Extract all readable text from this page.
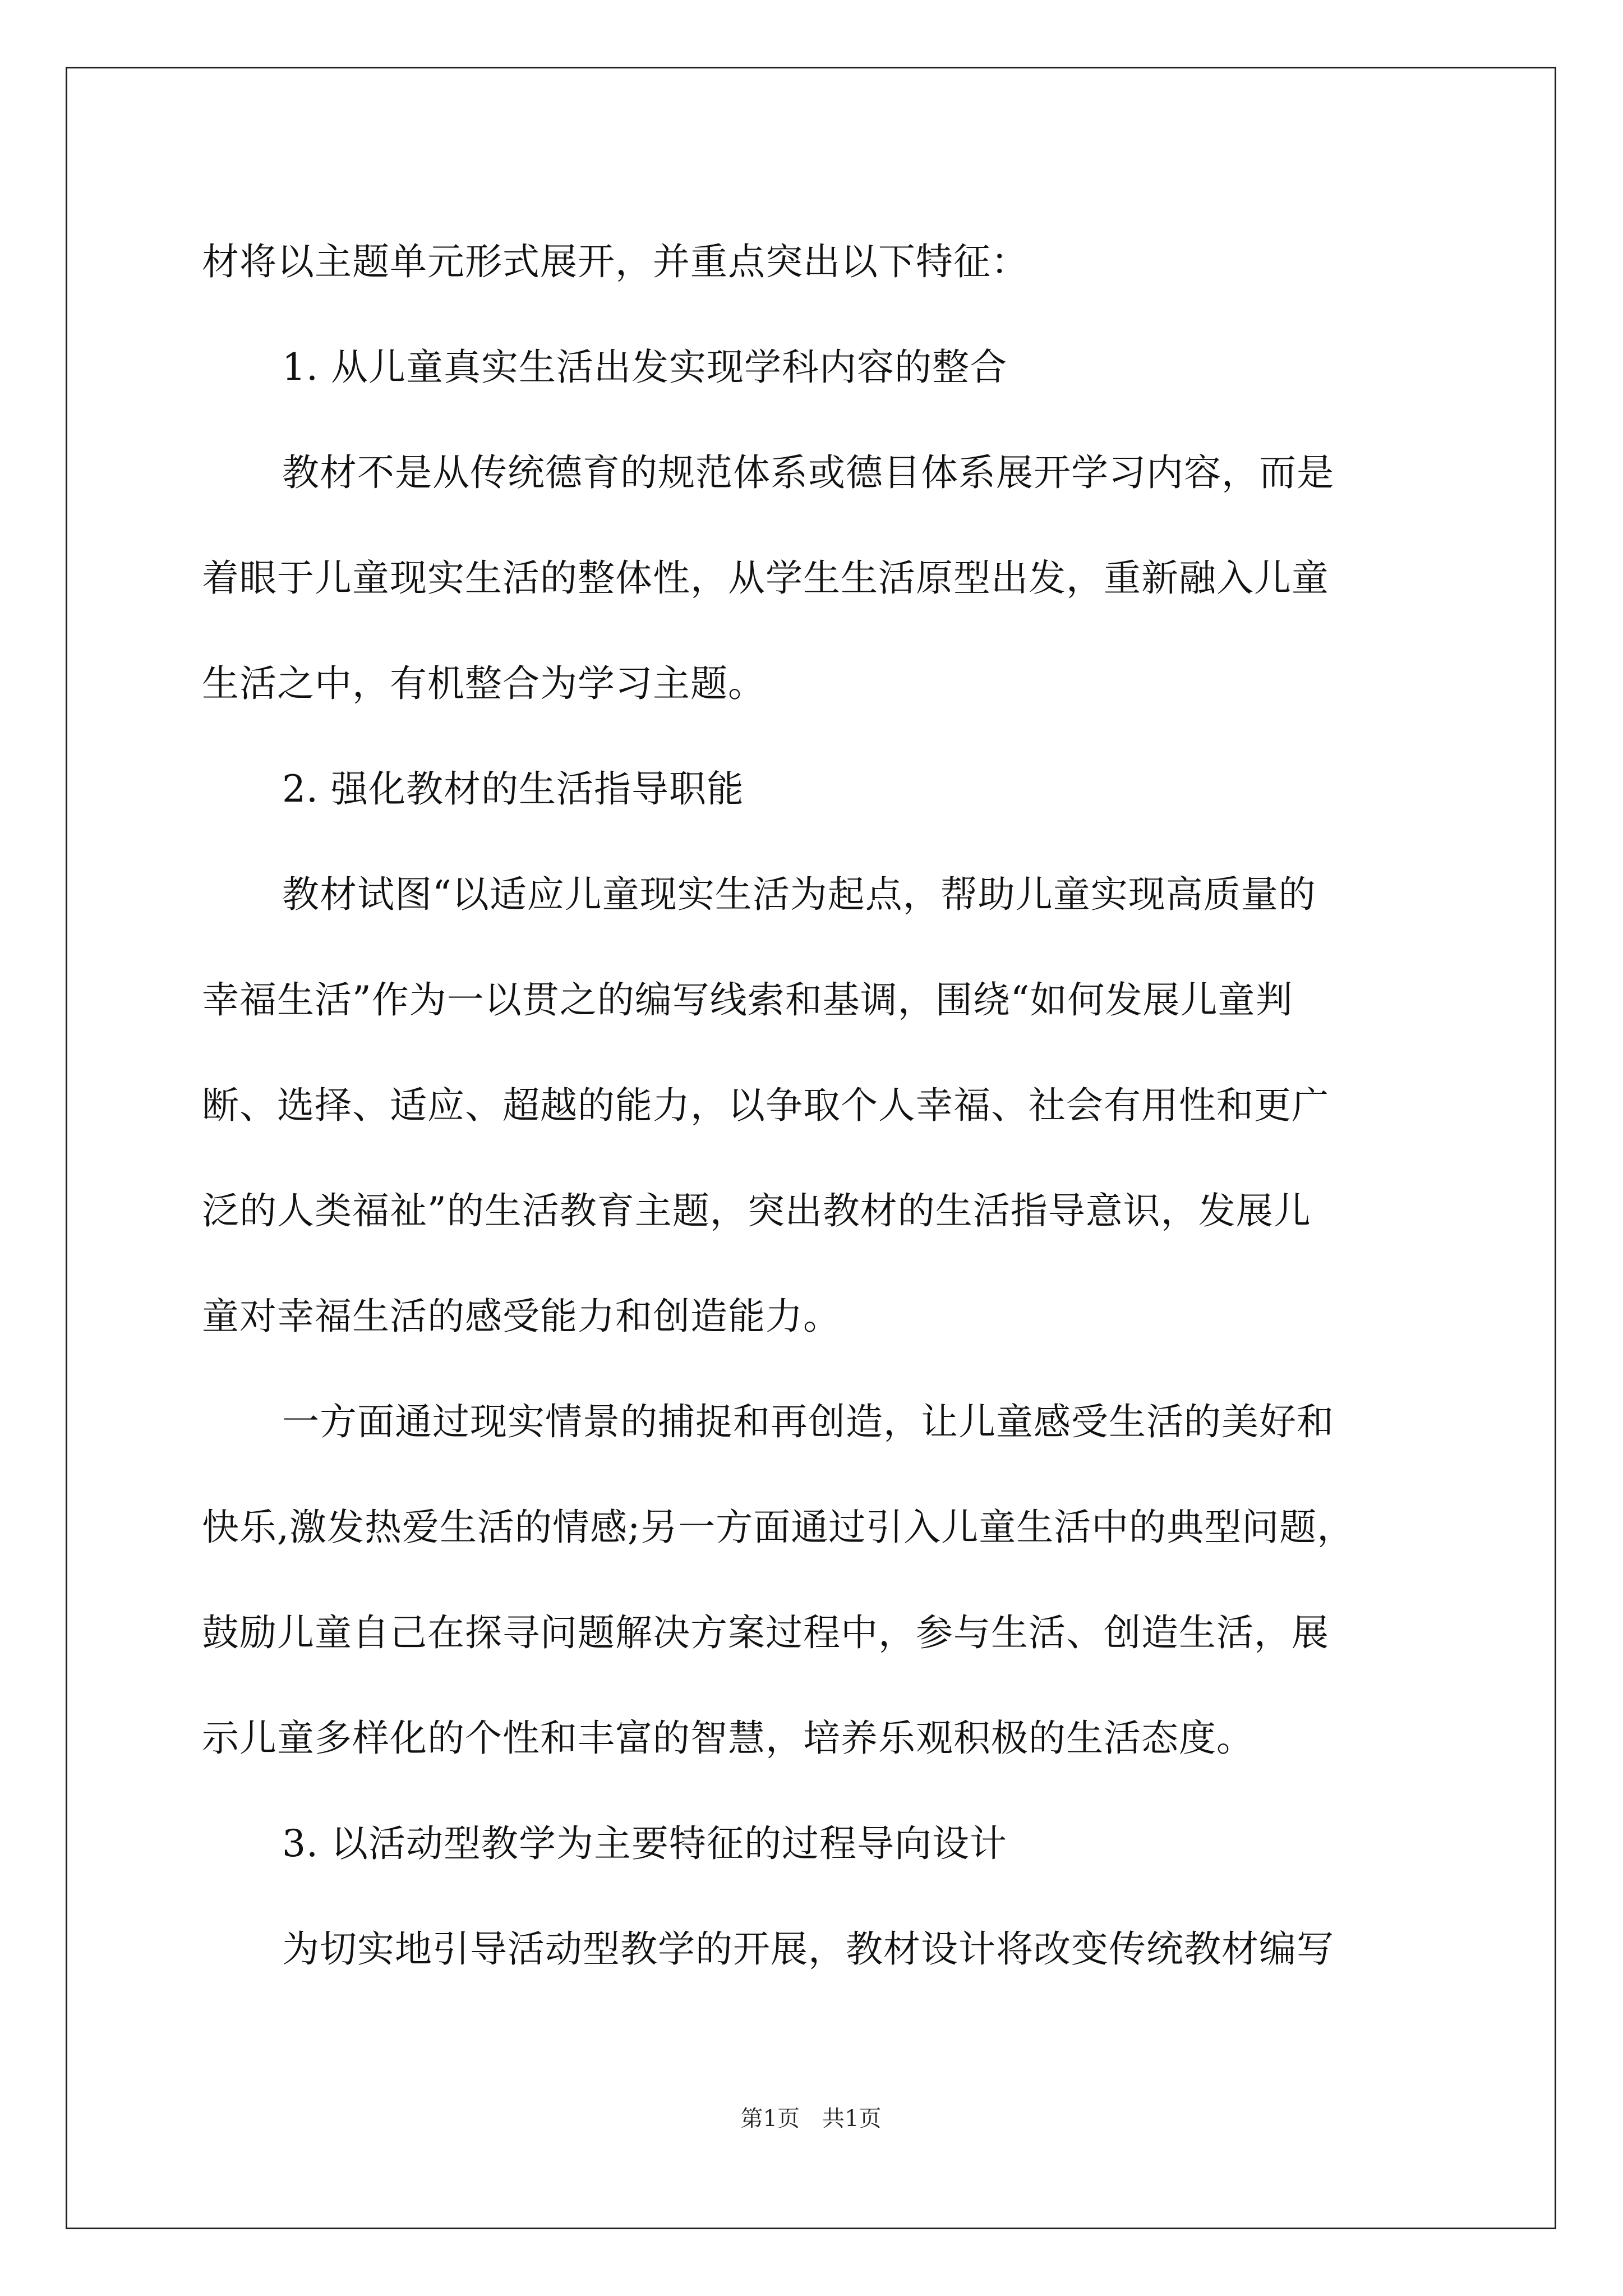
材将以主题单元形式展开，并重点突出以下特征：
1. 从儿童真实生活出发实现学科内容的整合
教材不是从传统德育的规范体系或德目体系展开学习内容，而是
着眼于儿童现实生活的整体性，从学生生活原型出发，重新融入儿童
生活之中，有机整合为学习主题。
2. 强化教材的生活指导职能
教材试图“以适应儿童现实生活为起点，帮助儿童实现高质量的
幸福生活”作为一以贯之的编写线索和基调，围绕“如何发展儿童判
断、选择、适应、超越的能力，以争取个人幸福、社会有用性和更广
泛的人类福祉”的生活教育主题，突出教材的生活指导意识，发展儿
童对幸福生活的感受能力和创造能力。
一方面通过现实情景的捕捉和再创造，让儿童感受生活的美好和
快乐,激发热爱生活的情感;另一方面通过引入儿童生活中的典型问题，
鼓励儿童自己在探寻问题解决方案过程中，参与生活、创造生活，展
示儿童多样化的个性和丰富的智慧，培养乐观积极的生活态度。
3. 以活动型教学为主要特征的过程导向设计
为切实地引导活动型教学的开展，教材设计将改变传统教材编写
第1页　共1页
